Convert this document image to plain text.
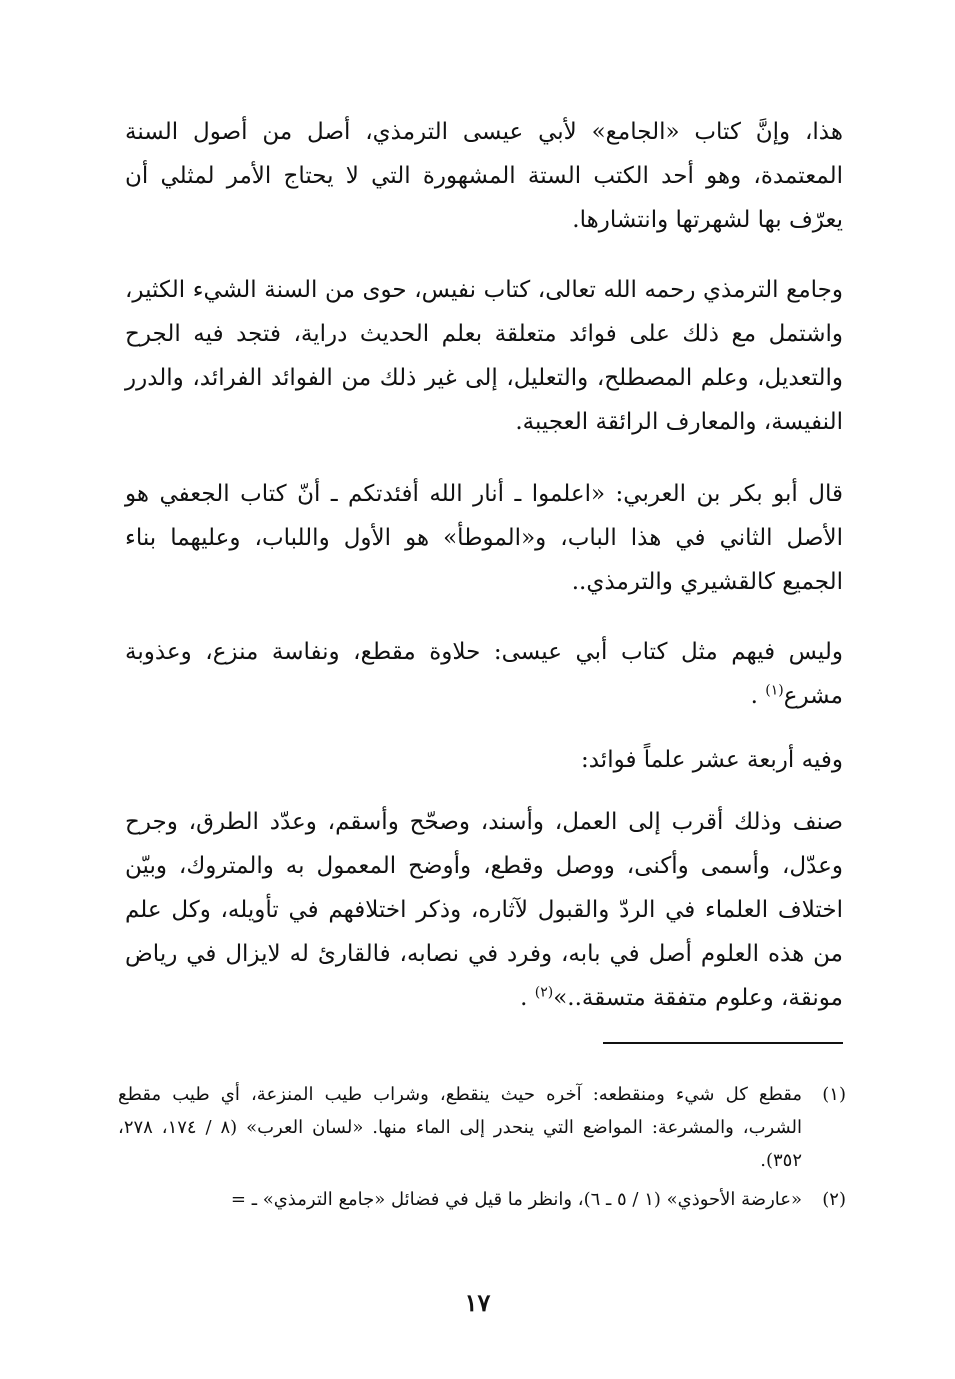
هذا، وإنَّ كتاب «الجامع» لأبي عيسى الترمذي، أصل من أصول السنة المعتمدة، وهو أحد الكتب الستة المشهورة التي لا يحتاج الأمر لمثلي أن يعرّف بها لشهرتها وانتشارها.

وجامع الترمذي رحمه الله تعالى، كتاب نفيس، حوى من السنة الشيء الكثير، واشتمل مع ذلك على فوائد متعلقة بعلم الحديث دراية، فتجد فيه الجرح والتعديل، وعلم المصطلح، والتعليل، إلى غير ذلك من الفوائد الفرائد، والدرر النفيسة، والمعارف الرائقة العجيبة.

قال أبو بكر بن العربي: «اعلموا ـ أنار الله أفئدتكم ـ أنّ كتاب الجعفي هو الأصل الثاني في هذا الباب، و«الموطأ» هو الأول واللباب، وعليهما بناء الجميع كالقشيري والترمذي..

وليس فيهم مثل كتاب أبي عيسى: حلاوة مقطع، ونفاسة منزع، وعذوبة مشرع$^{(١)}$ .

وفيه أربعة عشر علماً فوائد:

صنف وذلك أقرب إلى العمل، وأسند، وصحّح وأسقم، وعدّد الطرق، وجرح وعدّل، وأسمى وأكنى، ووصل وقطع، وأوضح المعمول به والمتروك، وبيّن اختلاف العلماء في الردّ والقبول لآثاره، وذكر اختلافهم في تأويله، وكل علم من هذه العلوم أصل في بابه، وفرد في نصابه، فالقارئ له لايزال في رياض مونقة، وعلوم متفقة متسقة..»$^{(٢)}$ .

(١)
مقطع كل شيء ومنقطعه: آخره حيث ينقطع، وشراب طيب المنزعة، أي طيب مقطع الشرب، والمشرعة: المواضع التي ينحدر إلى الماء منها. «لسان العرب» (٨ / ١٧٤، ٢٧٨، ٣٥٢).
(٢)
«عارضة الأحوذي» (١ / ٥ ـ ٦)، وانظر ما قيل في فضائل «جامع الترمذي» ـ =
١٧
